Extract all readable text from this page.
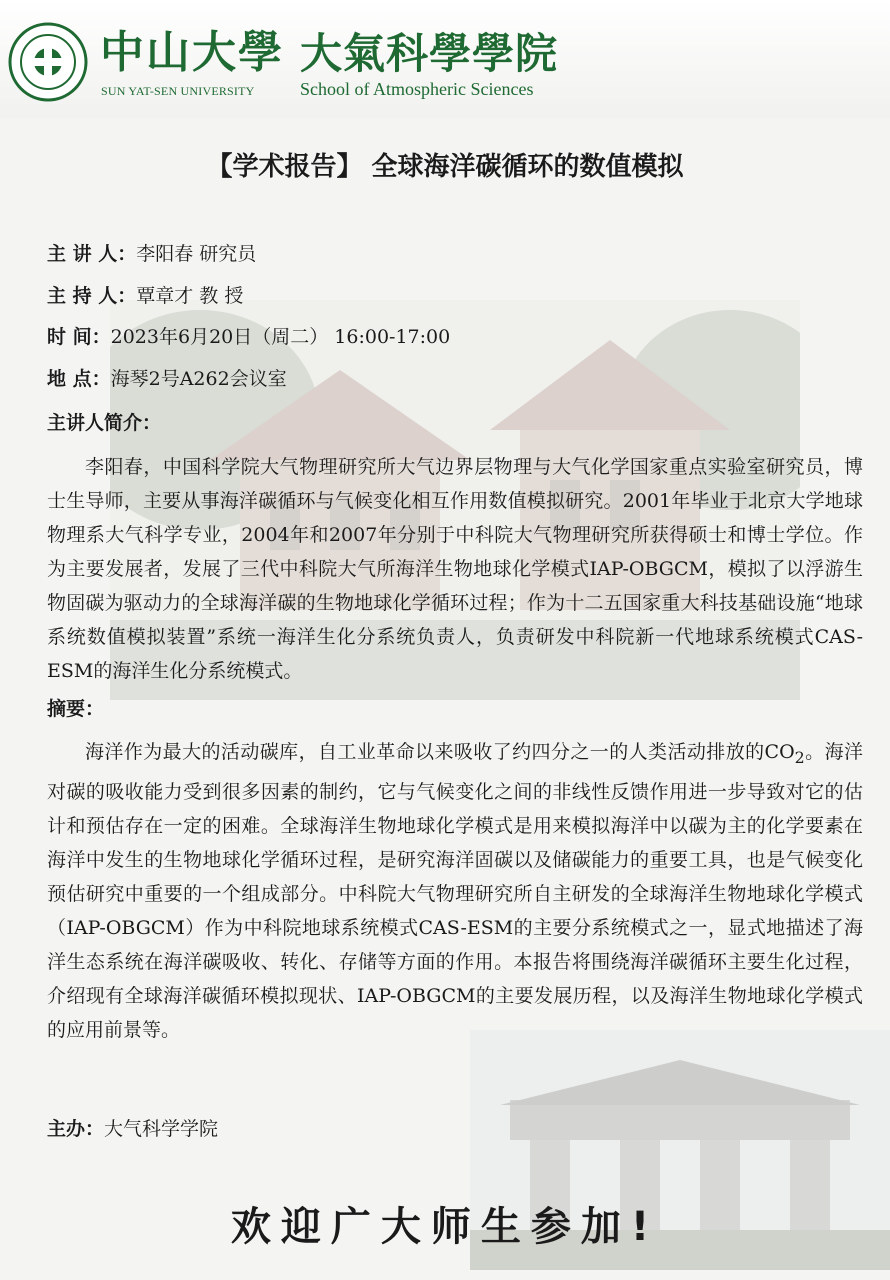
中山大學
SUN YAT-SEN UNIVERSITY
大氣科學學院
School of Atmospheric Sciences
【学术报告】 全球海洋碳循环的数值模拟
主 讲 人：李阳春 研究员
主 持 人：覃章才 教 授
时 间：2023年6月20日（周二） 16:00-17:00
地 点：海琴2号A262会议室
主讲人简介：

李阳春，中国科学院大气物理研究所大气边界层物理与大气化学国家重点实验室研究员，博士生导师，主要从事海洋碳循环与气候变化相互作用数值模拟研究。2001年毕业于北京大学地球物理系大气科学专业，2004年和2007年分别于中科院大气物理研究所获得硕士和博士学位。作为主要发展者，发展了三代中科院大气所海洋生物地球化学模式IAP-OBGCM，模拟了以浮游生物固碳为驱动力的全球海洋碳的生物地球化学循环过程；作为十二五国家重大科技基础设施“地球系统数值模拟装置”系统一海洋生化分系统负责人，负责研发中科院新一代地球系统模式CAS-ESM的海洋生化分系统模式。

摘要：

海洋作为最大的活动碳库，自工业革命以来吸收了约四分之一的人类活动排放的$CO_2$。海洋对碳的吸收能力受到很多因素的制约，它与气候变化之间的非线性反馈作用进一步导致对它的估计和预估存在一定的困难。全球海洋生物地球化学模式是用来模拟海洋中以碳为主的化学要素在海洋中发生的生物地球化学循环过程，是研究海洋固碳以及储碳能力的重要工具，也是气候变化预估研究中重要的一个组成部分。中科院大气物理研究所自主研发的全球海洋生物地球化学模式（IAP-OBGCM）作为中科院地球系统模式CAS-ESM的主要分系统模式之一，显式地描述了海洋生态系统在海洋碳吸收、转化、存储等方面的作用。本报告将围绕海洋碳循环主要生化过程，介绍现有全球海洋碳循环模拟现状、IAP-OBGCM的主要发展历程，以及海洋生物地球化学模式的应用前景等。

主办：大气科学学院
欢迎广大师生参加!
